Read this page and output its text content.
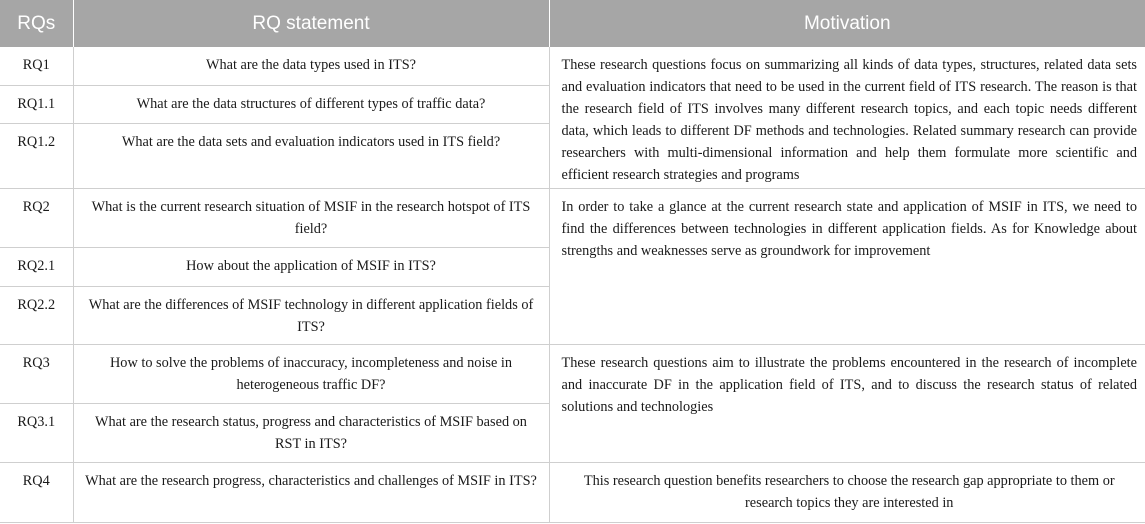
RQs	RQ statement	Motivation
RQ1	What are the data types used in ITS?	These research questions focus on summarizing all kinds of data types, structures, related data sets and evaluation indicators that need to be used in the current field of ITS research. The reason is that the research field of ITS involves many different research topics, and each topic needs different data, which leads to different DF methods and technologies. Related summary research can provide researchers with multi-dimensional information and help them formulate more scientific and efficient research strategies and programs
RQ1.1	What are the data structures of different types of traffic data?	
RQ1.2	What are the data sets and evaluation indicators used in ITS field?	
RQ2	What is the current research situation of MSIF in the research hotspot of ITS field?	In order to take a glance at the current research state and application of MSIF in ITS, we need to find the differences between technologies in different application fields. As for Knowledge about strengths and weaknesses serve as groundwork for improvement
RQ2.1	How about the application of MSIF in ITS?	
RQ2.2	What are the differences of MSIF technology in different application fields of ITS?	
RQ3	How to solve the problems of inaccuracy, incompleteness and noise in heterogeneous traffic DF?	These research questions aim to illustrate the problems encountered in the research of incomplete and inaccurate DF in the application field of ITS, and to discuss the research status of related solutions and technologies
RQ3.1	What are the research status, progress and characteristics of MSIF based on RST in ITS?	
RQ4	What are the research progress, characteristics and challenges of MSIF in ITS?	This research question benefits researchers to choose the research gap appropriate to them or research topics they are interested in
